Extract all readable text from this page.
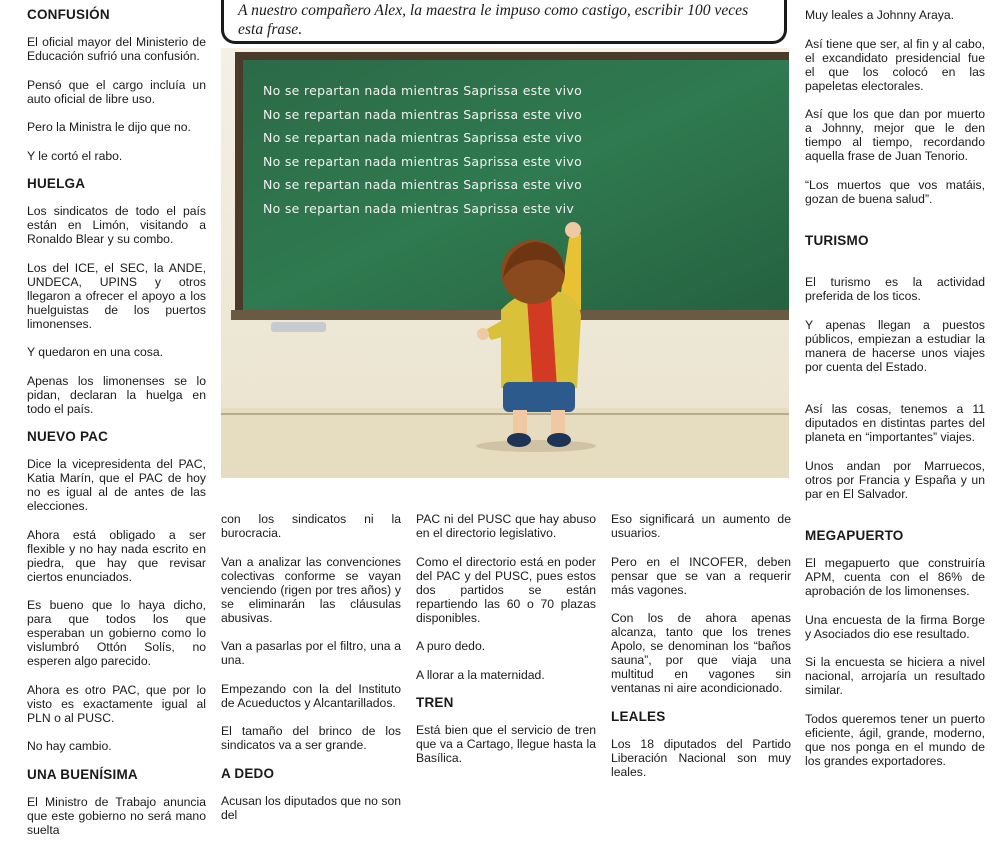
CONFUSIÓN

El oficial mayor del Ministerio de Educación sufrió una confusión.

Pensó que el cargo incluía un auto oficial de libre uso.

Pero la Ministra le dijo que no.

Y le cortó el rabo.

HUELGA

Los sindicatos de todo el país están en Limón, visitando a Ronaldo Blear y su combo.

Los del ICE, el SEC, la ANDE, UNDECA, UPINS y otros llegaron a ofrecer el apoyo a los huelguistas de los puertos limonenses.

Y quedaron en una cosa.

Apenas los limonenses se lo pidan, declaran la huelga en todo el país.

NUEVO PAC

Dice la vicepresidenta del PAC, Katia Marín, que el PAC de hoy no es igual al de antes de las elecciones.

Ahora está obligado a ser flexible y no hay nada escrito en piedra, que hay que revisar ciertos enunciados.

Es bueno que lo haya dicho, para que todos los que esperaban un gobierno como lo vislumbró Ottón Solís, no esperen algo parecido.

Ahora es otro PAC, que por lo visto es exactamente igual al PLN o al PUSC.

No hay cambio.

UNA BUENÍSIMA

El Ministro de Trabajo anuncia que este gobierno no será mano suelta

A nuestro compañero Alex, la maestra le impuso como castigo, escribir 100 veces esta frase.
No se repartan nada mientras Saprissa este vivo
No se repartan nada mientras Saprissa este vivo
No se repartan nada mientras Saprissa este vivo
No se repartan nada mientras Saprissa este vivo
No se repartan nada mientras Saprissa este vivo
No se repartan nada mientras Saprissa este viv

con los sindicatos ni la burocracia.

Van a analizar las convenciones colectivas conforme se vayan venciendo (rigen por tres años) y se eliminarán las cláusulas abusivas.

Van a pasarlas por el filtro, una a una.

Empezando con la del Instituto de Acueductos y Alcantarillados.

El tamaño del brinco de los sindicatos va a ser grande.

A DEDO

Acusan los diputados que no son del

PAC ni del PUSC que hay abuso en el directorio legislativo.

Como el directorio está en poder del PAC y del PUSC, pues estos dos partidos se están repartiendo las 60 o 70 plazas disponibles.

A puro dedo.

A llorar a la maternidad.

TREN

Está bien que el servicio de tren que va a Cartago, llegue hasta la Basílica.

Eso significará un aumento de usuarios.

Pero en el INCOFER, deben pensar que se van a requerir más vagones.

Con los de ahora apenas alcanza, tanto que los trenes Apolo, se denominan los “baños sauna”, por que viaja una multitud en vagones sin ventanas ni aire acondicionado.

LEALES

Los 18 diputados del Partido Liberación Nacional son muy leales.

Muy leales a Johnny Araya.

Así tiene que ser, al fin y al cabo, el excandidato presidencial fue el que los colocó en las papeletas electorales.

Así que los que dan por muerto a Johnny, mejor que le den tiempo al tiempo, recordando aquella frase de Juan Tenorio.

“Los muertos que vos matáis, gozan de buena salud”.

TURISMO

El turismo es la actividad preferida de los ticos.

Y apenas llegan a puestos públicos, empiezan a estudiar la manera de hacerse unos viajes por cuenta del Estado.

Así las cosas, tenemos a 11 diputados en distintas partes del planeta en “importantes” viajes.

Unos andan por Marruecos, otros por Francia y España y un par en El Salvador.

MEGAPUERTO

El megapuerto que construiría APM, cuenta con el 86% de aprobación de los limonenses.

Una encuesta de la firma Borge y Asociados dio ese resultado.

Si la encuesta se hiciera a nivel nacional, arrojaría un resultado similar.

Todos queremos tener un puerto eficiente, ágil, grande, moderno, que nos ponga en el mundo de los grandes exportadores.
